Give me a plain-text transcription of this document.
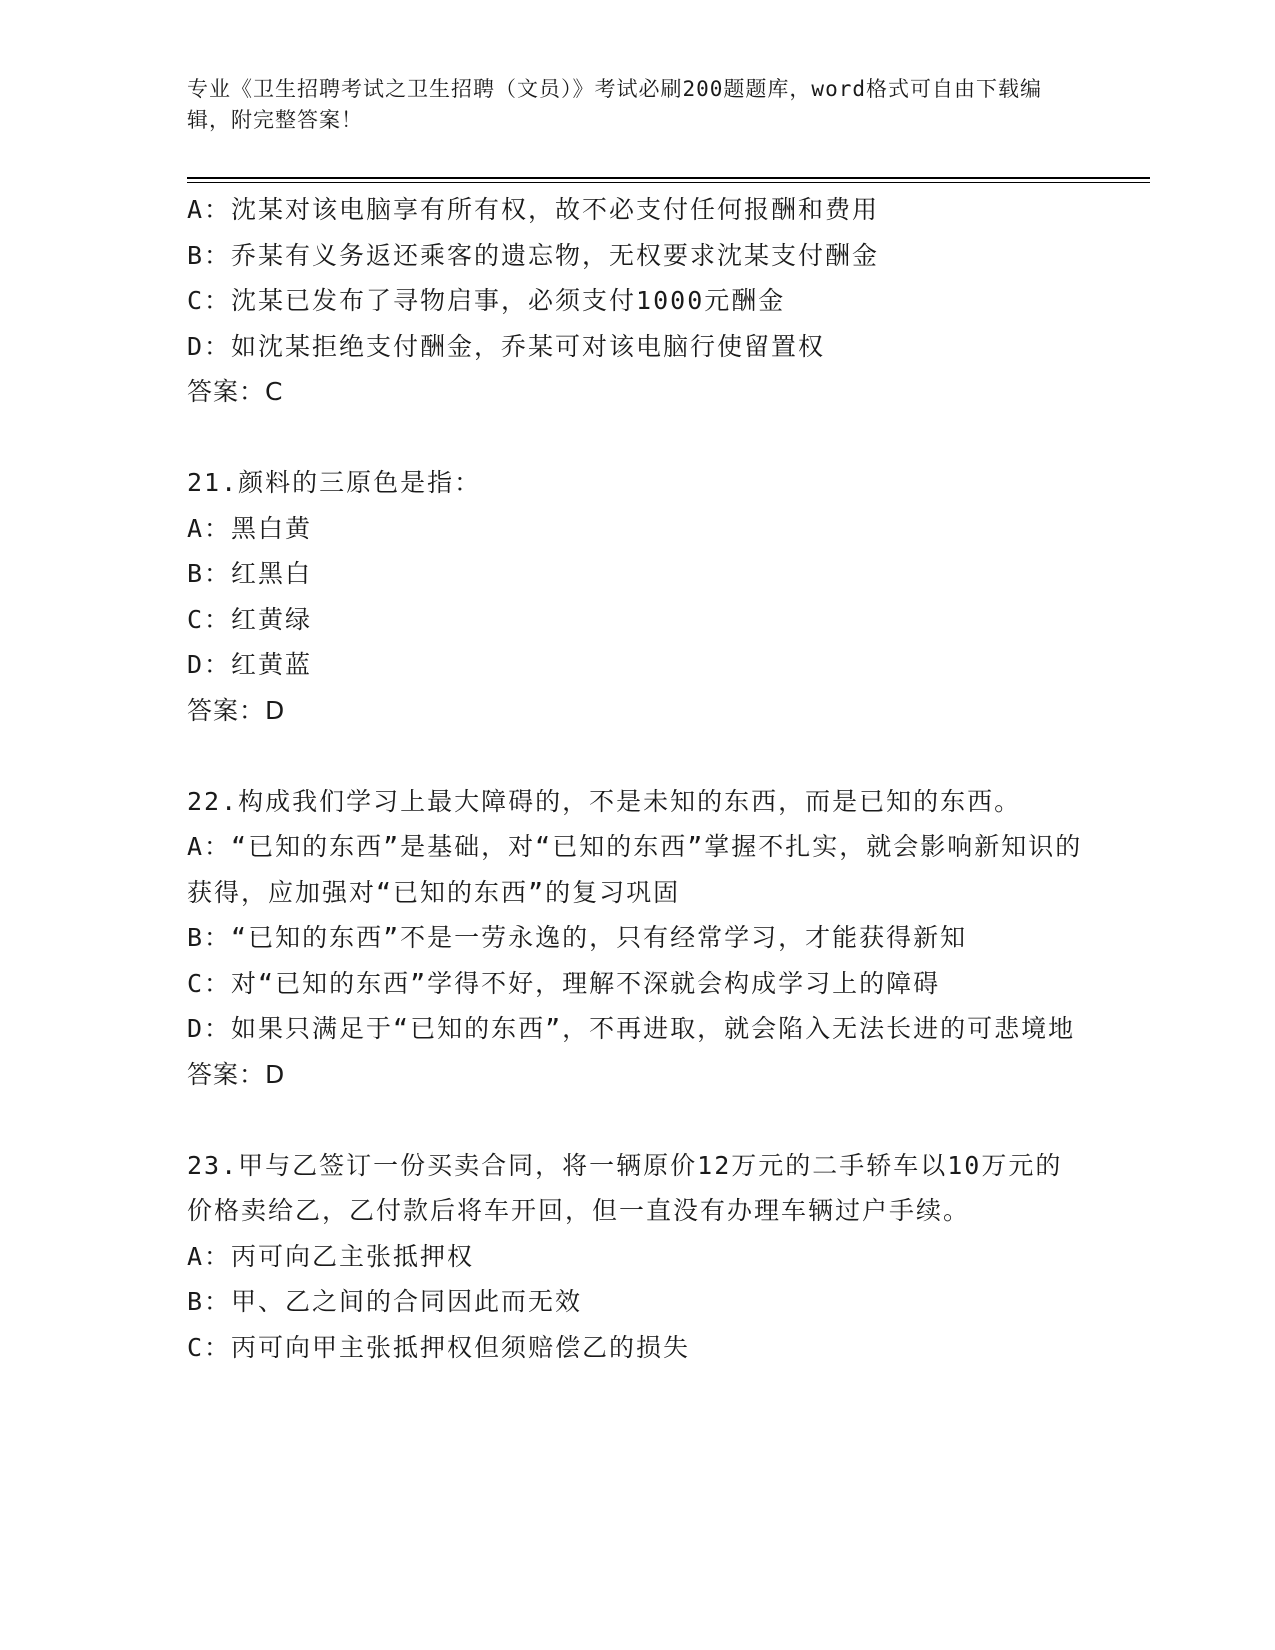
专业《卫生招聘考试之卫生招聘（文员）》考试必刷200题题库，word格式可自由下载编辑，附完整答案！

A：沈某对该电脑享有所有权，故不必支付任何报酬和费用

B：乔某有义务返还乘客的遗忘物，无权要求沈某支付酬金

C：沈某已发布了寻物启事，必须支付1000元酬金

D：如沈某拒绝支付酬金，乔某可对该电脑行使留置权

答案：C

21.颜料的三原色是指：

A：黑白黄

B：红黑白

C：红黄绿

D：红黄蓝

答案：D

22.构成我们学习上最大障碍的，不是未知的东西，而是已知的东西。

A：“已知的东西”是基础，对“已知的东西”掌握不扎实，就会影响新知识的获得，应加强对“已知的东西”的复习巩固

B：“已知的东西”不是一劳永逸的，只有经常学习，才能获得新知

C：对“已知的东西”学得不好，理解不深就会构成学习上的障碍

D：如果只满足于“已知的东西”，不再进取，就会陷入无法长进的可悲境地

答案：D

23.甲与乙签订一份买卖合同，将一辆原价12万元的二手轿车以10万元的价格卖给乙，乙付款后将车开回，但一直没有办理车辆过户手续。

A：丙可向乙主张抵押权

B：甲、乙之间的合同因此而无效

C：丙可向甲主张抵押权但须赔偿乙的损失
